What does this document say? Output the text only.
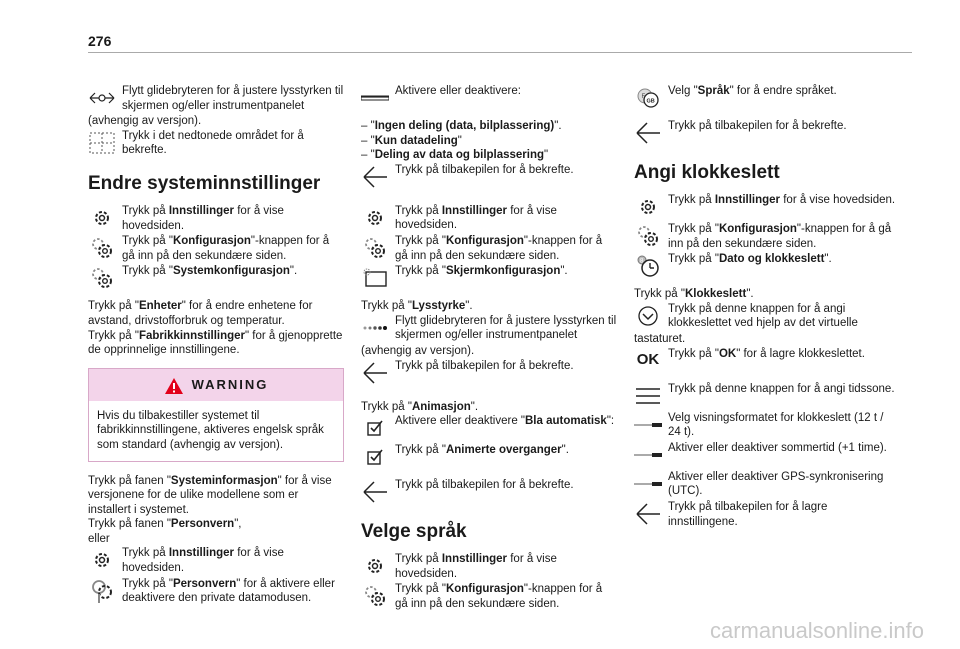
276
Flytt glidebryteren for å justere lysstyrken til skjermen og/eller instrumentpanelet

(avhengig av versjon).

Trykk i det nedtonede området for å bekrefte.
Endre systeminnstillinger
Trykk på Innstillinger for å vise hovedsiden.
Trykk på "Konfigurasjon"-knappen for å gå inn på den sekundære siden.
Trykk på "Systemkonfigurasjon".

Trykk på "Enheter" for å endre enhetene for avstand, drivstofforbruk og temperatur.

Trykk på "Fabrikkinnstillinger" for å gjenopprette de opprinnelige innstillingene.

WARNING
Hvis du tilbakestiller systemet til fabrikkinnstillingene, aktiveres engelsk språk som standard (avhengig av versjon).

Trykk på fanen "Systeminformasjon" for å vise versjonene for de ulike modellene som er installert i systemet.

Trykk på fanen "Personvern",

eller

Trykk på Innstillinger for å vise hovedsiden.
Trykk på "Personvern" for å aktivere eller deaktivere den private datamodusen.
Aktivere eller deaktivere:

– "Ingen deling (data, bilplassering)".

– "Kun datadeling"

– "Deling av data og bilplassering"

Trykk på tilbakepilen for å bekrefte.
Trykk på Innstillinger for å vise hovedsiden.
Trykk på "Konfigurasjon"-knappen for å gå inn på den sekundære siden.
Trykk på "Skjermkonfigurasjon".

Trykk på "Lysstyrke".

Flytt glidebryteren for å justere lysstyrken til skjermen og/eller instrumentpanelet

(avhengig av versjon).

Trykk på tilbakepilen for å bekrefte.

Trykk på "Animasjon".

Aktivere eller deaktivere "Bla automatisk":
Trykk på "Animerte overganger".
Trykk på tilbakepilen for å bekrefte.
Velge språk
Trykk på Innstillinger for å vise hovedsiden.
Trykk på "Konfigurasjon"-knappen for å gå inn på den sekundære siden.
F
GB
Velg "Språk" for å endre språket.
Trykk på tilbakepilen for å bekrefte.
Angi klokkeslett
Trykk på Innstillinger for å vise hovedsiden.
Trykk på "Konfigurasjon"-knappen for å gå inn på den sekundære siden.
8 Trykk på "Dato og klokkeslett".

Trykk på "Klokkeslett".

Trykk på denne knappen for å angi klokkeslettet ved hjelp av det virtuelle

tastaturet.

OK Trykk på "OK" for å lagre klokkeslettet.
Trykk på denne knappen for å angi tidssone.
Velg visningsformatet for klokkeslett (12 t / 24 t).
Aktiver eller deaktiver sommertid (+1 time).
Aktiver eller deaktiver GPS-synkronisering (UTC).
Trykk på tilbakepilen for å lagre innstillingene.
carmanualsonline.info
